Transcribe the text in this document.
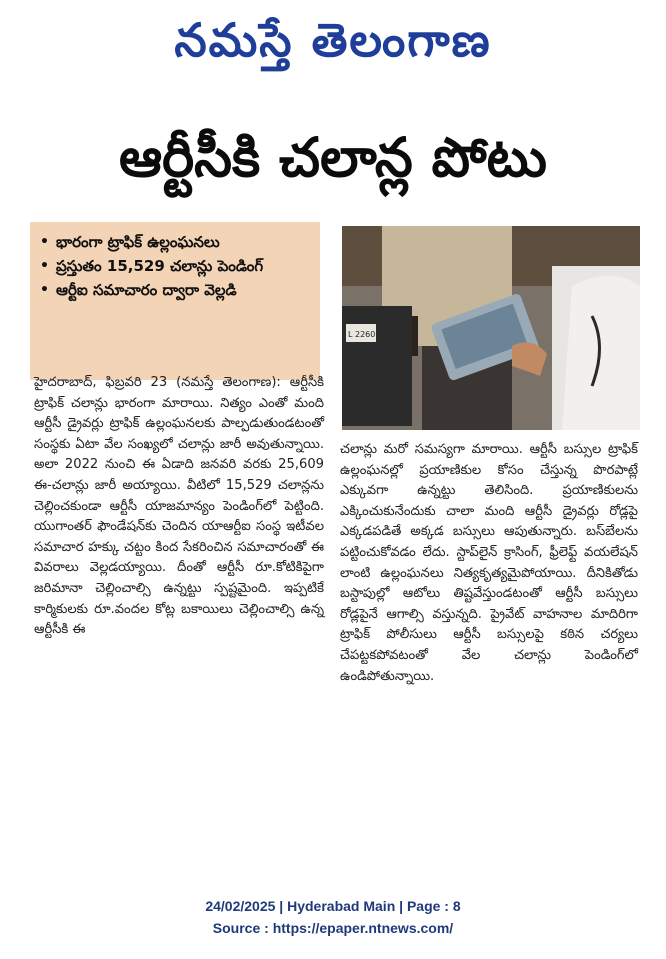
నమస్తే తెలంగాణ
ఆర్టీసీకి చలాన్ల పోటు
• భారంగా ట్రాఫిక్ ఉల్లంఘనలు
• ప్రస్తుతం 15,529 చలాన్లు పెండింగ్
• ఆర్టీఐ సమాచారం ద్వారా వెల్లడి
L 2260

హైదరాబాద్, ఫిబ్రవరి 23 (నమస్తే తెలంగాణ): ఆర్టీసీకి ట్రాఫిక్ చలాన్లు భారంగా మారాయి. నిత్యం ఎంతో మంది ఆర్టీసీ డ్రైవర్లు ట్రాఫిక్ ఉల్లంఘనలకు పాల్పడుతుండటంతో సంస్థకు ఏటా వేల సంఖ్యలో చలాన్లు జారీ అవుతున్నాయి. అలా 2022 నుంచి ఈ ఏడాది జనవరి వరకు 25,609 ఈ-చలాన్లు జారీ అయ్యాయి. వీటిలో 15,529 చలాన్లను చెల్లించకుండా ఆర్టీసీ యాజమాన్యం పెండింగ్‌లో పెట్టింది. యుగాంతర్ ఫౌండేషన్‌కు చెందిన యాఆర్టీఐ సంస్థ ఇటీవల సమాచార హక్కు చట్టం కింద సేకరించిన సమాచారంతో ఈ వివరాలు వెల్లడయ్యాయి. దీంతో ఆర్టీసీ రూ.కోటికిపైగా జరిమానా చెల్లించాల్సి ఉన్నట్టు స్పష్టమైంది. ఇప్పటికే కార్మికులకు రూ.వందల కోట్ల బకాయిలు చెల్లించాల్సి ఉన్న ఆర్టీసీకి ఈ

చలాన్లు మరో సమస్యగా మారాయి. ఆర్టీసీ బస్సుల ట్రాఫిక్ ఉల్లంఘనల్లో ప్రయాణికుల కోసం చేస్తున్న పొరపాట్లే ఎక్కువగా ఉన్నట్టు తెలిసింది. ప్రయాణికులను ఎక్కించుకునేందుకు చాలా మంది ఆర్టీసీ డ్రైవర్లు రోడ్లపై ఎక్కడపడితే అక్కడ బస్సులు ఆపుతున్నారు. బస్‌బేలను పట్టించుకోవడం లేదు. స్టాప్‌లైన్ క్రాసింగ్, ఫ్రీలెఫ్ట్ వయలేషన్ లాంటి ఉల్లంఘనలు నిత్యకృత్యమైపోయాయి. దీనికితోడు బస్టాపుల్లో ఆటోలు తిష్టవేస్తుండటంతో ఆర్టీసీ బస్సులు రోడ్లపైనే ఆగాల్సి వస్తున్నది. ప్రైవేట్ వాహనాల మాదిరిగా ట్రాఫిక్ పోలీసులు ఆర్టీసీ బస్సులపై కఠిన చర్యలు చేపట్టకపోవటంతో వేల చలాన్లు పెండింగ్‌లో ఉండిపోతున్నాయి.

24/02/2025 | Hyderabad Main | Page : 8
Source : https://epaper.ntnews.com/
